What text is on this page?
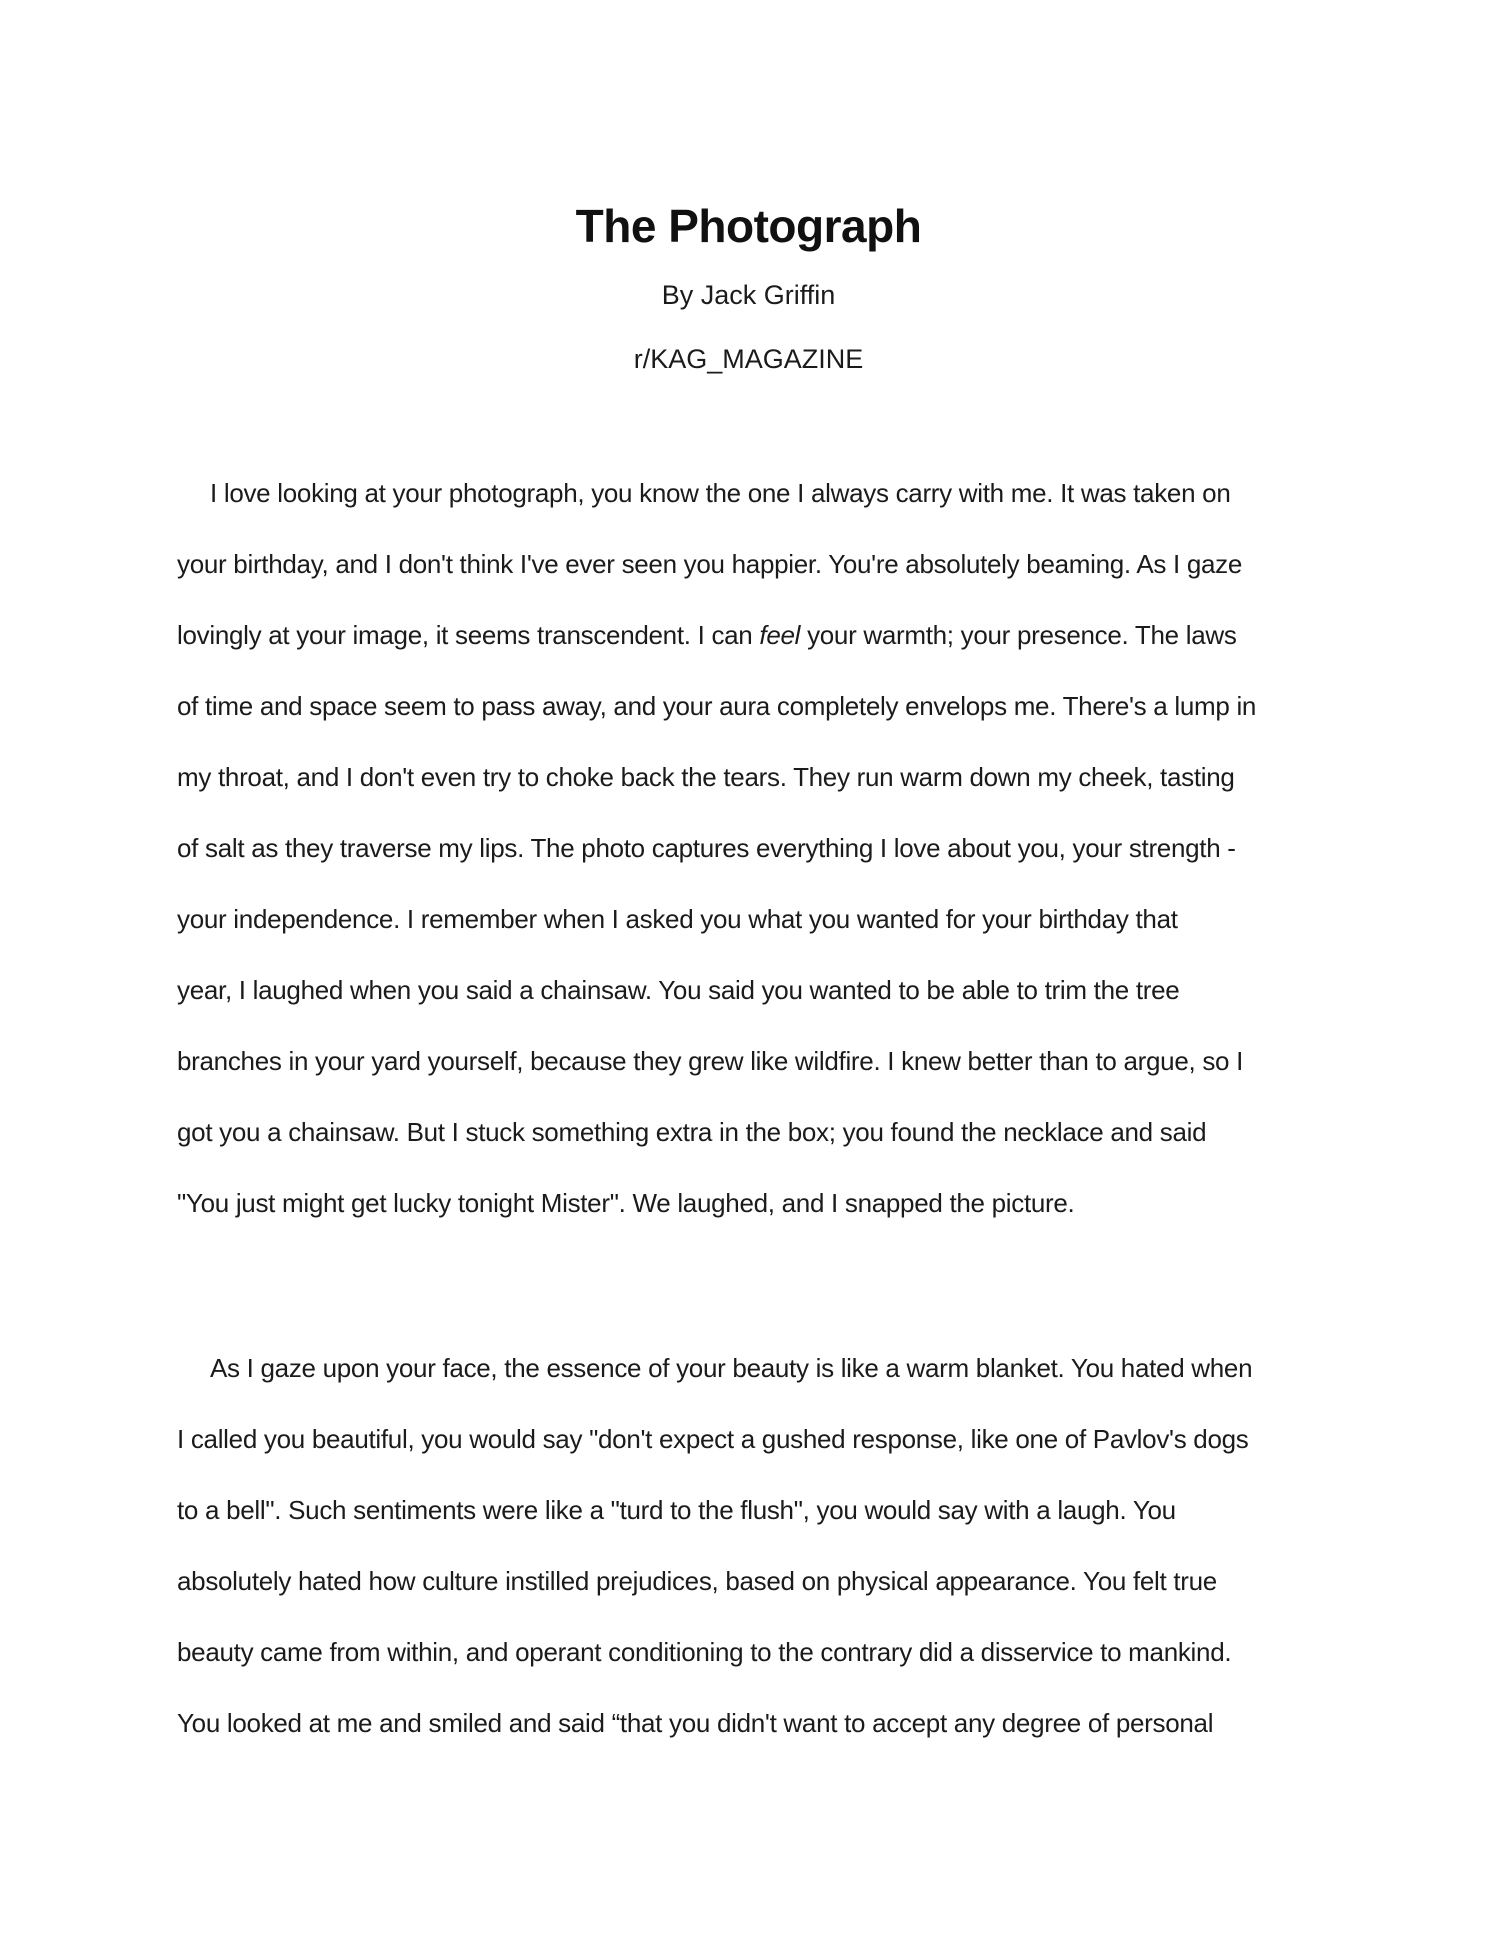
The Photograph
By Jack Griffin
r/KAG_MAGAZINE
I love looking at your photograph, you know the one I always carry with me. It was taken on
your birthday, and I don't think I've ever seen you happier. You're absolutely beaming. As I gaze
lovingly at your image, it seems transcendent. I can feel your warmth; your presence. The laws
of time and space seem to pass away, and your aura completely envelops me. There's a lump in
my throat, and I don't even try to choke back the tears. They run warm down my cheek, tasting
of salt as they traverse my lips. The photo captures everything I love about you, your strength -
your independence. I remember when I asked you what you wanted for your birthday that
year, I laughed when you said a chainsaw. You said you wanted to be able to trim the tree
branches in your yard yourself, because they grew like wildfire. I knew better than to argue, so I
got you a chainsaw. But I stuck something extra in the box; you found the necklace and said
"You just might get lucky tonight Mister". We laughed, and I snapped the picture.
As I gaze upon your face, the essence of your beauty is like a warm blanket. You hated when
I called you beautiful, you would say "don't expect a gushed response, like one of Pavlov's dogs
to a bell". Such sentiments were like a "turd to the flush", you would say with a laugh. You
absolutely hated how culture instilled prejudices, based on physical appearance. You felt true
beauty came from within, and operant conditioning to the contrary did a disservice to mankind.
You looked at me and smiled and said “that you didn't want to accept any degree of personal
